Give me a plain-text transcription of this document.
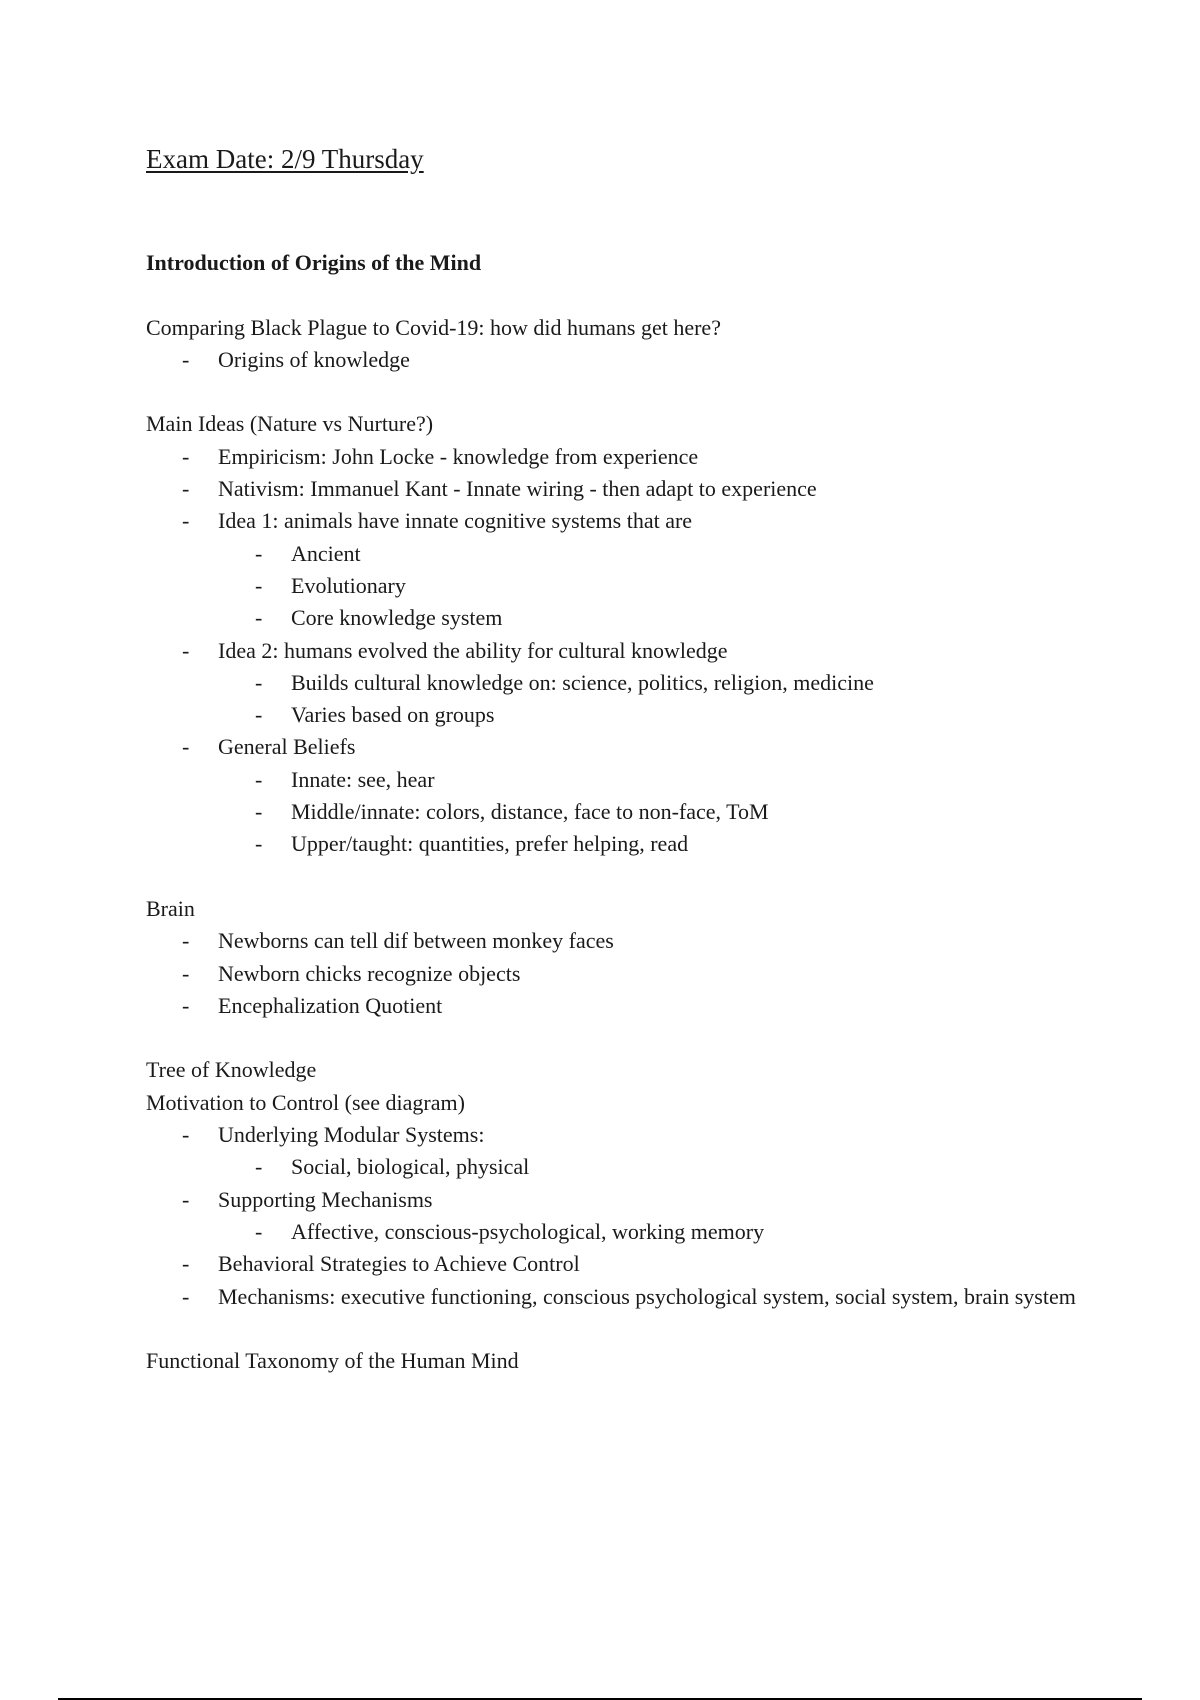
Exam Date: 2/9 Thursday

Introduction of Origins of the Mind

Comparing Black Plague to Covid-19: how did humans get here?

- Origins of knowledge

Main Ideas (Nature vs Nurture?)

- Empiricism: John Locke - knowledge from experience
- Nativism: Immanuel Kant - Innate wiring - then adapt to experience
- Idea 1: animals have innate cognitive systems that are
- Ancient
- Evolutionary
- Core knowledge system
- Idea 2: humans evolved the ability for cultural knowledge
- Builds cultural knowledge on: science, politics, religion, medicine
- Varies based on groups
- General Beliefs
- Innate: see, hear
- Middle/innate: colors, distance, face to non-face, ToM
- Upper/taught: quantities, prefer helping, read

Brain

- Newborns can tell dif between monkey faces
- Newborn chicks recognize objects
- Encephalization Quotient

Tree of Knowledge

Motivation to Control (see diagram)

- Underlying Modular Systems:
- Social, biological, physical
- Supporting Mechanisms
- Affective, conscious-psychological, working memory
- Behavioral Strategies to Achieve Control
- Mechanisms: executive functioning, conscious psychological system, social system, brain system

Functional Taxonomy of the Human Mind
